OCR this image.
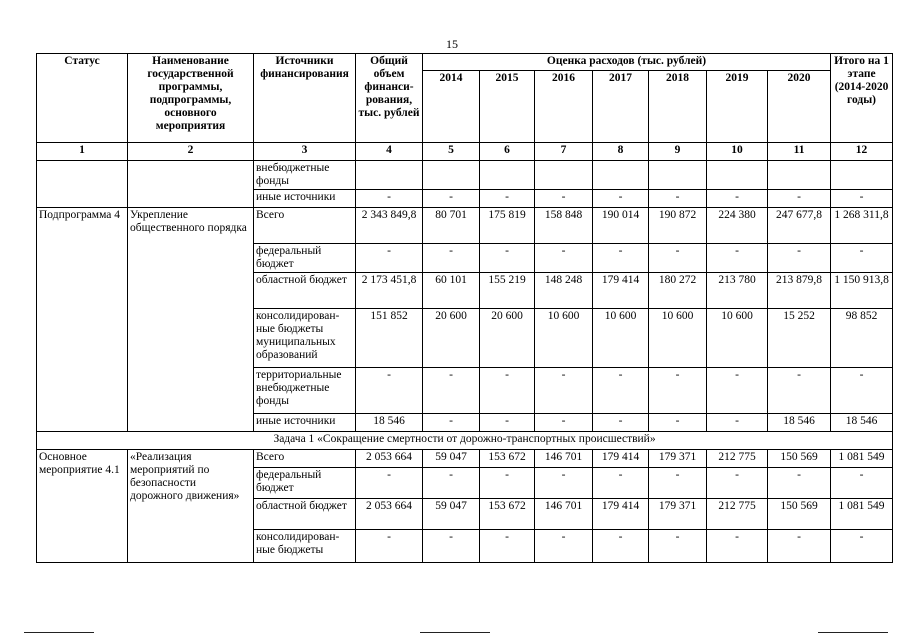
15
Статус	Наименование государственной программы, подпрограммы, основного мероприятия	Источники финансирования	Общий объем финанси-рования, тыс. рублей	Оценка расходов (тыс. рублей)							Итого на 1 этапе (2014-2020 годы)
				2014	2015	2016	2017	2018	2019	2020	
1	2	3	4	5	6	7	8	9	10	11	12
		внебюджетные фонды									
		иные источники	-	-	-	-	-	-	-	-	-
Подпрограмма 4	Укрепление общественного порядка	Всего	2 343 849,8	80 701	175 819	158 848	190 014	190 872	224 380	247 677,8	1 268 311,8
		федеральный бюджет	-	-	-	-	-	-	-	-	-
		областной бюджет	2 173 451,8	60 101	155 219	148 248	179 414	180 272	213 780	213 879,8	1 150 913,8
		консолидирован-ные бюджеты муниципальных образований	151 852	20 600	20 600	10 600	10 600	10 600	10 600	15 252	98 852
		территориальные внебюджетные фонды	-	-	-	-	-	-	-	-	-
		иные источники	18 546	-	-	-	-	-	-	18 546	18 546
Задача 1 «Сокращение смертности от дорожно-транспортных происшествий»											
Основное мероприятие 4.1	«Реализация мероприятий по безопасности дорожного движения»	Всего	2 053 664	59 047	153 672	146 701	179 414	179 371	212 775	150 569	1 081 549
		федеральный бюджет	-	-	-	-	-	-	-	-	-
		областной бюджет	2 053 664	59 047	153 672	146 701	179 414	179 371	212 775	150 569	1 081 549
		консолидирован-ные бюджеты	-	-	-	-	-	-	-	-	-
